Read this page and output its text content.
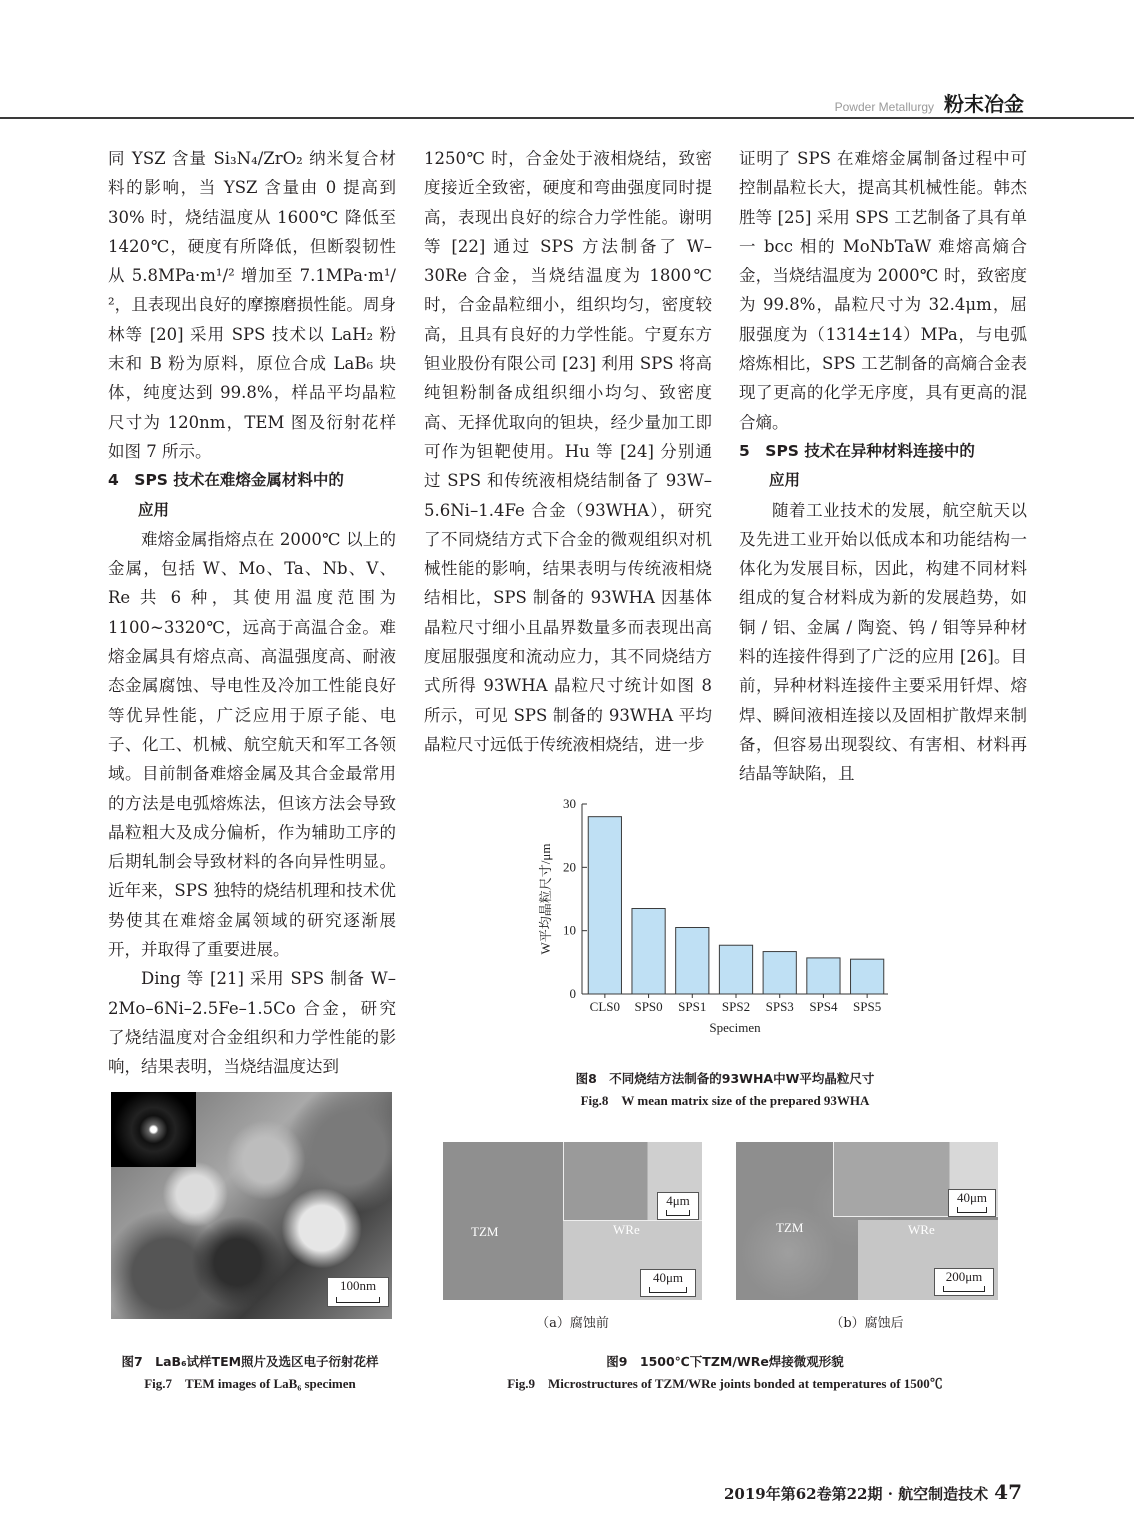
Powder Metallurgy 粉末冶金

同 YSZ 含量 Si₃N₄/ZrO₂ 纳米复合材料的影响，当 YSZ 含量由 0 提高到 30% 时，烧结温度从 1600℃ 降低至 1420℃，硬度有所降低，但断裂韧性从 5.8MPa·m¹/² 增加至 7.1MPa·m¹/²，且表现出良好的摩擦磨损性能。周身林等 [20] 采用 SPS 技术以 LaH₂ 粉末和 B 粉为原料，原位合成 LaB₆ 块体，纯度达到 99.8%，样品平均晶粒尺寸为 120nm，TEM 图及衍射花样如图 7 所示。

4　SPS 技术在难熔金属材料中的

应用

难熔金属指熔点在 2000℃ 以上的金属，包括 W、Mo、Ta、Nb、V、Re 共 6 种，其使用温度范围为 1100~3320℃，远高于高温合金。难熔金属具有熔点高、高温强度高、耐液态金属腐蚀、导电性及冷加工性能良好等优异性能，广泛应用于原子能、电子、化工、机械、航空航天和军工各领域。目前制备难熔金属及其合金最常用的方法是电弧熔炼法，但该方法会导致晶粒粗大及成分偏析，作为辅助工序的后期轧制会导致材料的各向异性明显。近年来，SPS 独特的烧结机理和技术优势使其在难熔金属领域的研究逐渐展开，并取得了重要进展。

Ding 等 [21] 采用 SPS 制备 W–2Mo–6Ni–2.5Fe–1.5Co 合金，研究了烧结温度对合金组织和力学性能的影响，结果表明，当烧结温度达到

1250℃ 时，合金处于液相烧结，致密度接近全致密，硬度和弯曲强度同时提高，表现出良好的综合力学性能。谢明等 [22] 通过 SPS 方法制备了 W–30Re 合金，当烧结温度为 1800℃ 时，合金晶粒细小，组织均匀，密度较高，且具有良好的力学性能。宁夏东方钽业股份有限公司 [23] 利用 SPS 将高纯钽粉制备成组织细小均匀、致密度高、无择优取向的钽块，经少量加工即可作为钽靶使用。Hu 等 [24] 分别通过 SPS 和传统液相烧结制备了 93W–5.6Ni–1.4Fe 合金（93WHA），研究了不同烧结方式下合金的微观组织对机械性能的影响，结果表明与传统液相烧结相比，SPS 制备的 93WHA 因基体晶粒尺寸细小且晶界数量多而表现出高度屈服强度和流动应力，其不同烧结方式所得 93WHA 晶粒尺寸统计如图 8 所示，可见 SPS 制备的 93WHA 平均晶粒尺寸远低于传统液相烧结，进一步

证明了 SPS 在难熔金属制备过程中可控制晶粒长大，提高其机械性能。韩杰胜等 [25] 采用 SPS 工艺制备了具有单一 bcc 相的 MoNbTaW 难熔高熵合金，当烧结温度为 2000℃ 时，致密度为 99.8%，晶粒尺寸为 32.4μm，屈服强度为（1314±14）MPa，与电弧熔炼相比，SPS 工艺制备的高熵合金表现了更高的化学无序度，具有更高的混合熵。

5　SPS 技术在异种材料连接中的

应用

随着工业技术的发展，航空航天以及先进工业开始以低成本和功能结构一体化为发展目标，因此，构建不同材料组成的复合材料成为新的发展趋势，如铜 / 铝、金属 / 陶瓷、钨 / 钼等异种材料的连接件得到了广泛的应用 [26]。目前，异种材料连接件主要采用钎焊、熔焊、瞬间液相连接以及固相扩散焊来制备，但容易出现裂纹、有害相、材料再结晶等缺陷，且

0
10
20
30
CLS0 SPS0 SPS1 SPS2 SPS3 SPS4 SPS5
Specimen
W平均晶粒尺寸/μm
图8　不同烧结方法制备的93WHA中W平均晶粒尺寸
Fig.8　W mean matrix size of the prepared 93WHA
100nm
图7　LaB₆试样TEM照片及选区电子衍射花样
Fig.7　TEM images of LaB₆ specimen
TZM	WRe
4μm
40μm
（a）腐蚀前
TZM	WRe
40μm
200μm
（b）腐蚀后
图9　1500℃下TZM/WRe焊接微观形貌
Fig.9　Microstructures of TZM/WRe joints bonded at temperatures of 1500℃
2019年第62卷第22期 · 航空制造技术 47
